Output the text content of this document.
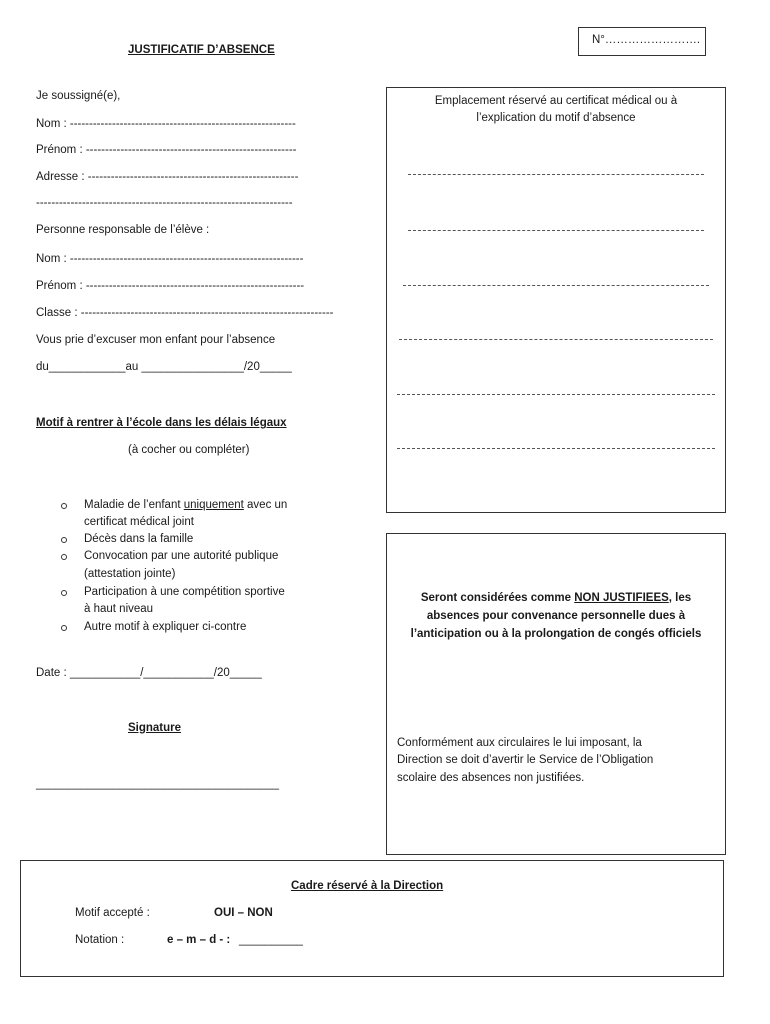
JUSTIFICATIF D’ABSENCE
N°…………………….
Je soussigné(e),
Nom : -----------------------------------------------------------
Prénom : -------------------------------------------------------
Adresse : -------------------------------------------------------
-------------------------------------------------------------------
Personne responsable de l’élève :
Nom : -------------------------------------------------------------
Prénom : ---------------------------------------------------------
Classe : ------------------------------------------------------------------
Vous prie d’excuser mon enfant pour l’absence
du____________au ________________/20_____
Motif à rentrer à l’école dans les délais légaux
(à cocher ou compléter)
Maladie de l’enfant uniquement avec un
certificat médical joint
Décès dans la famille
Convocation par une autorité publique
(attestation jointe)
Participation à une compétition sportive
à haut niveau
Autre motif à expliquer ci-contre
Date : ___________/___________/20_____
Signature
______________________________________
Emplacement réservé au certificat médical ou à
l’explication du motif d’absence
Seront considérées comme NON JUSTIFIEES, les
absences pour convenance personnelle dues à
l’anticipation ou à la prolongation de congés officiels
Conformément aux circulaires le lui imposant, la
Direction se doit d’avertir le Service de l’Obligation
scolaire des absences non justifiées.
Cadre réservé à la Direction
Motif accepté :	OUI – NON
Notation :	e – m – d - : __________
